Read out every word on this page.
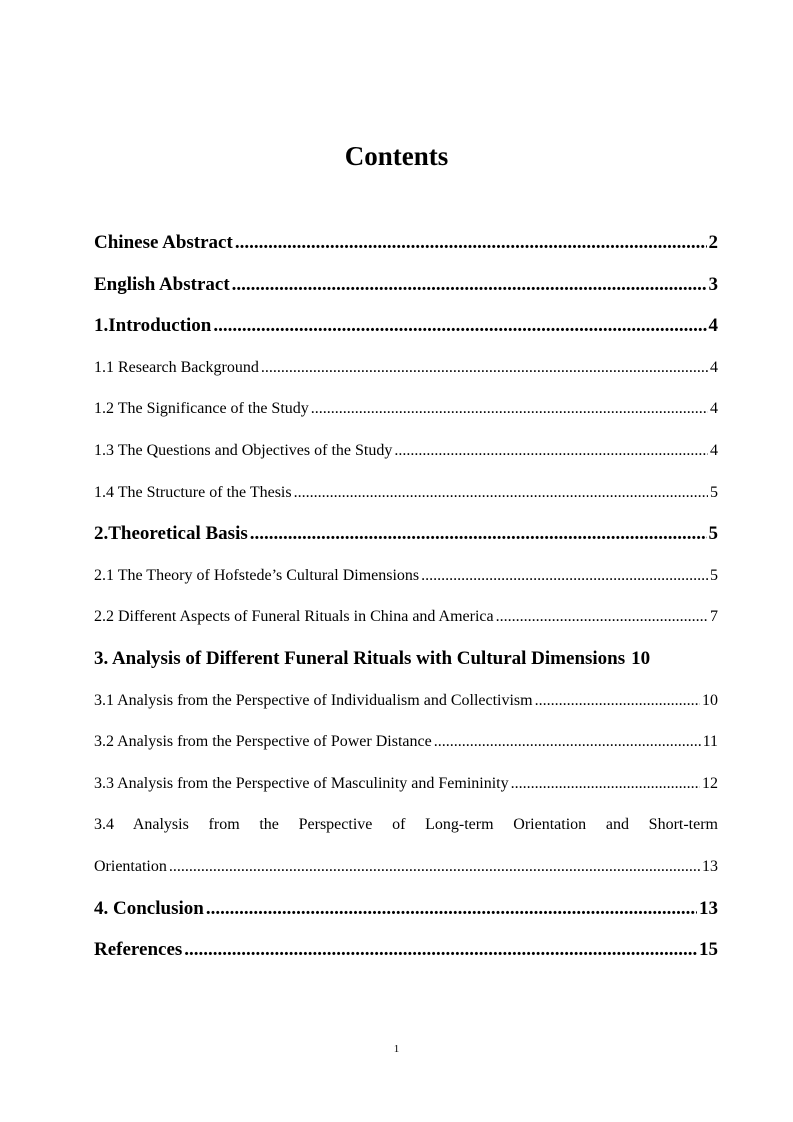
Contents
Chinese Abstract .....	2
English Abstract .....	3
1.Introduction .....	4
1.1 Research Background .....	4
1.2 The Significance of the Study .....	4
1.3 The Questions and Objectives of the Study .....	4
1.4 The Structure of the Thesis .....	5
2.Theoretical Basis .....	5
2.1 The Theory of Hofstede’s Cultural Dimensions .....	5
2.2 Different Aspects of Funeral Rituals in China and America .....	7
3. Analysis of Different Funeral Rituals with Cultural Dimensions 10
3.1 Analysis from the Perspective of Individualism and Collectivism .....	10
3.2 Analysis from the Perspective of Power Distance .....	11
3.3 Analysis from the Perspective of Masculinity and Femininity .....	12
3.4 Analysis from the Perspective of Long-term Orientation and Short-term
Orientation .....	13
4. Conclusion .....	13
References .....	15
1
